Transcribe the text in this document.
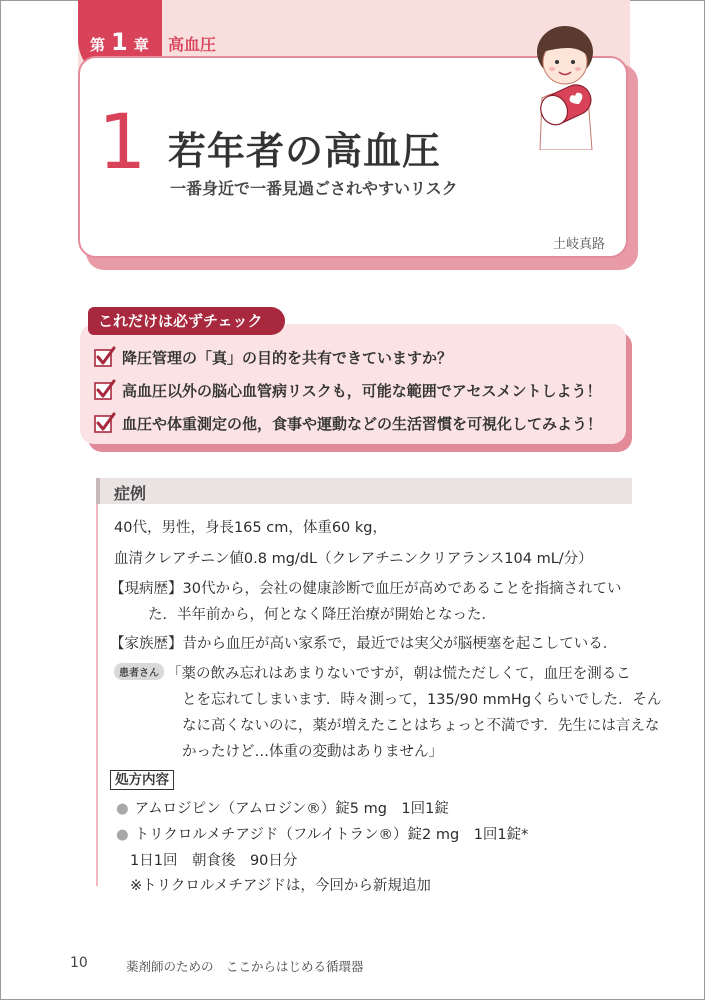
第 1 章 高血圧
1 若年者の高血圧
一番身近で一番見過ごされやすいリスク
土岐真路
これだけは必ずチェック
降圧管理の「真」の目的を共有できていますか？
高血圧以外の脳心血管病リスクも，可能な範囲でアセスメントしよう！
血圧や体重測定の他，食事や運動などの生活習慣を可視化してみよう！
症例
40代，男性，身長165 cm，体重60 kg，
血清クレアチニン値0.8 mg/dL（クレアチニンクリアランス104 mL/分）
【現病歴】30代から，会社の健康診断で血圧が高めであることを指摘されてい
た．半年前から，何となく降圧治療が開始となった．
【家族歴】昔から血圧が高い家系で，最近では実父が脳梗塞を起こしている．
患者さん 「薬の飲み忘れはあまりないですが，朝は慌ただしくて，血圧を測るこ
とを忘れてしまいます．時々測って，135/90 mmHgくらいでした．そん
なに高くないのに，薬が増えたことはちょっと不満です．先生には言えな
かったけど…体重の変動はありません」
処方内容
● アムロジピン（アムロジン®）錠5 mg　1回1錠
● トリクロルメチアジド（フルイトラン®）錠2 mg　1回1錠*
1日1回　朝食後　90日分
※トリクロルメチアジドは，今回から新規追加
10	薬剤師のための　ここからはじめる循環器
